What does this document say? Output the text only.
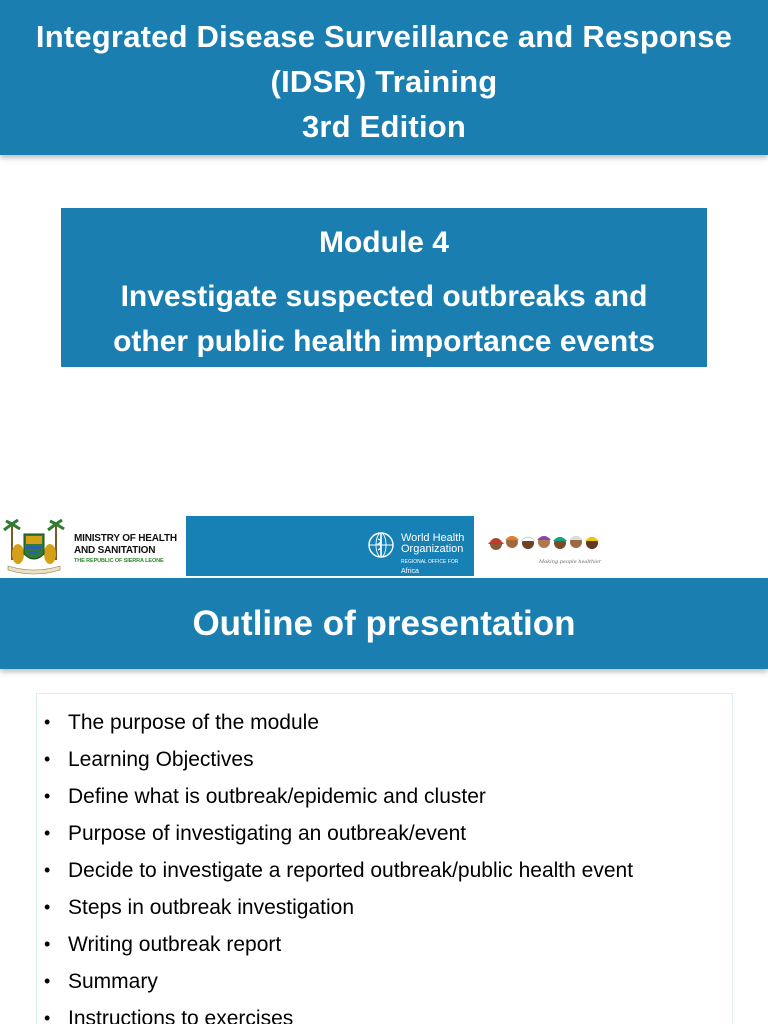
Integrated Disease Surveillance and Response
(IDSR) Training
3rd Edition
Module 4
Investigate suspected outbreaks and
other public health importance events
MINISTRY OF HEALTH
AND SANITATION
THE REPUBLIC OF SIERRA LEONE
World Health
Organization
REGIONAL OFFICE FOR Africa
Making people healthier
Outline of presentation
• The purpose of the module
• Learning Objectives
• Define what is outbreak/epidemic and cluster
• Purpose of investigating an outbreak/event
• Decide to investigate a reported outbreak/public health event
• Steps in outbreak investigation
• Writing outbreak report
• Summary
• Instructions to exercises
